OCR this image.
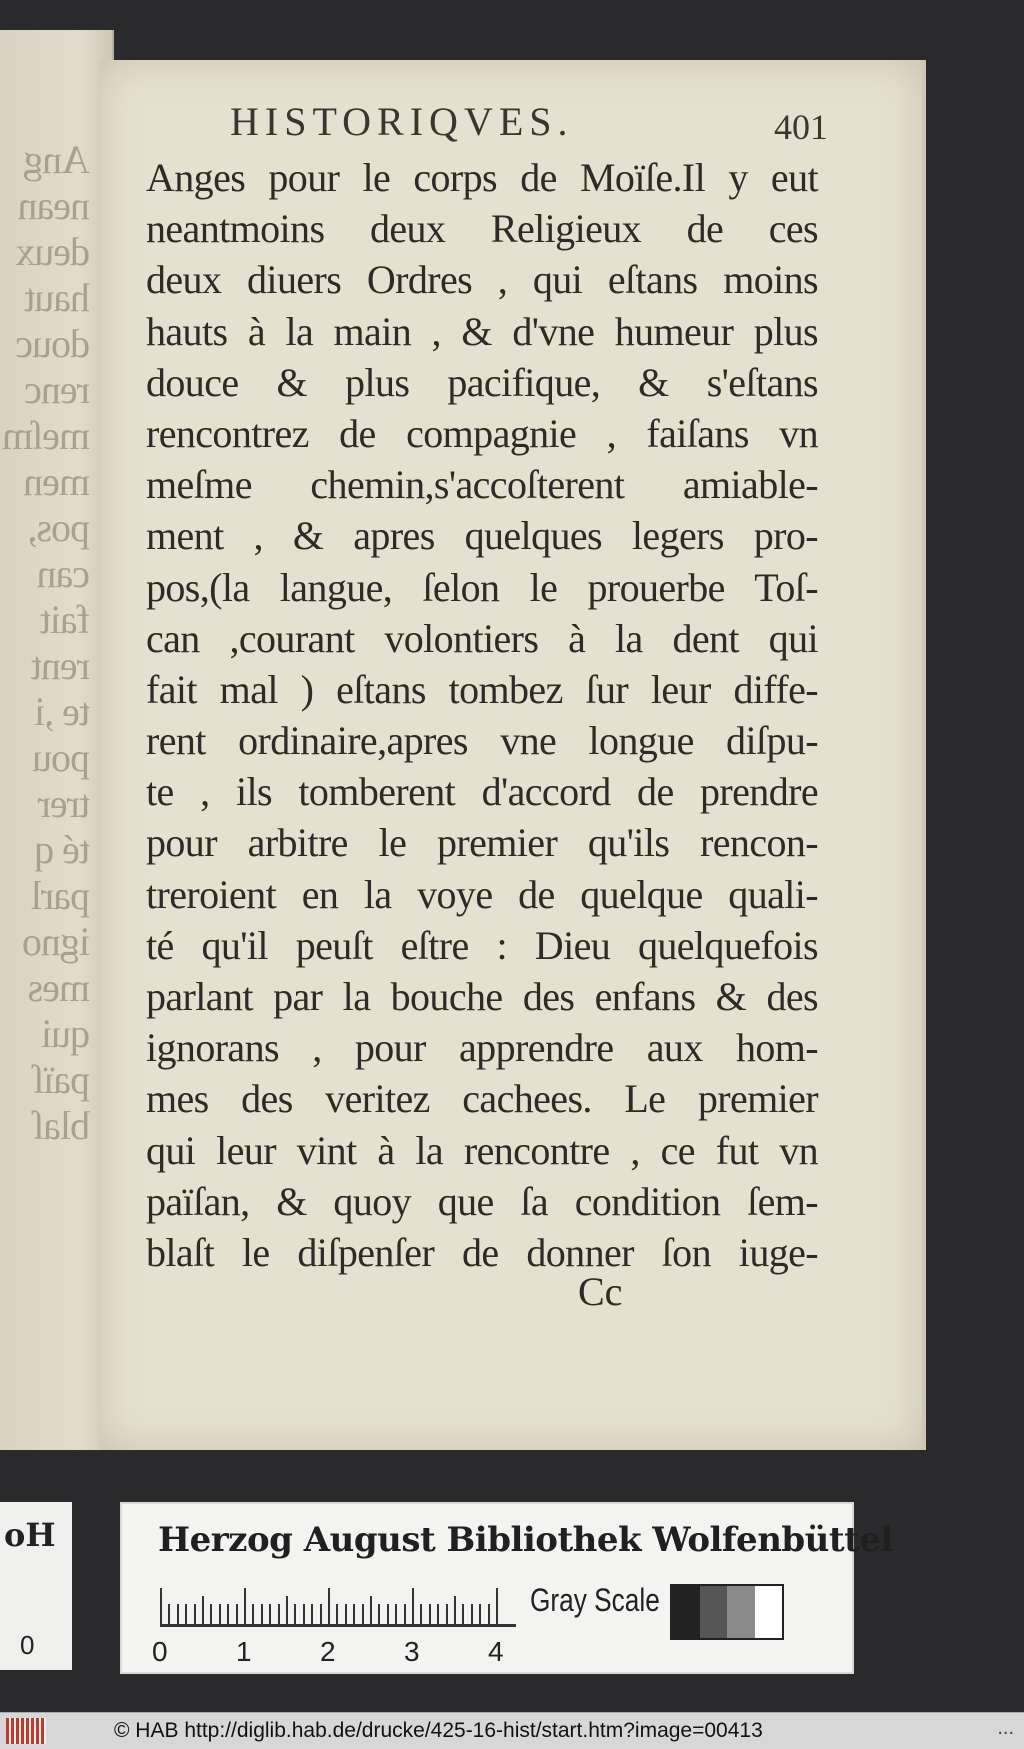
Ang
nean
deux
haut
douc
renc
meſm
men
pos,
can
fait
rent
te ,i
pou
trer
té q
parl
igno
mes
qui
païſ
blaſ
HISTORIQVES.	401
Anges pour le corps de Moïſe.Il y eut
neantmoins deux Religieux de ces
deux diuers Ordres , qui eſtans moins
hauts à la main , & d'vne humeur plus
douce & plus pacifique, & s'eſtans
rencontrez de compagnie , faiſans vn
meſme chemin,s'accoſterent amiable-
ment , & apres quelques legers pro-
pos,(la langue, ſelon le prouerbe Toſ-
can ,courant volontiers à la dent qui
fait mal ) eſtans tombez ſur leur diffe-
rent ordinaire,apres vne longue diſpu-
te , ils tomberent d'accord de prendre
pour arbitre le premier qu'ils rencon-
treroient en la voye de quelque quali-
té qu'il peuſt eſtre : Dieu quelquefois
parlant par la bouche des enfans & des
ignorans , pour apprendre aux hom-
mes des veritez cachees. Le premier
qui leur vint à la rencontre , ce fut vn
païſan, & quoy que ſa condition ſem-
blaſt le diſpenſer de donner ſon iuge-
Cc
oH
0
Herzog August Bibliothek Wolfenbüttel
0 1 2 3 4
Gray Scale
© HAB http://diglib.hab.de/drucke/425-16-hist/start.htm?image=00413	...
